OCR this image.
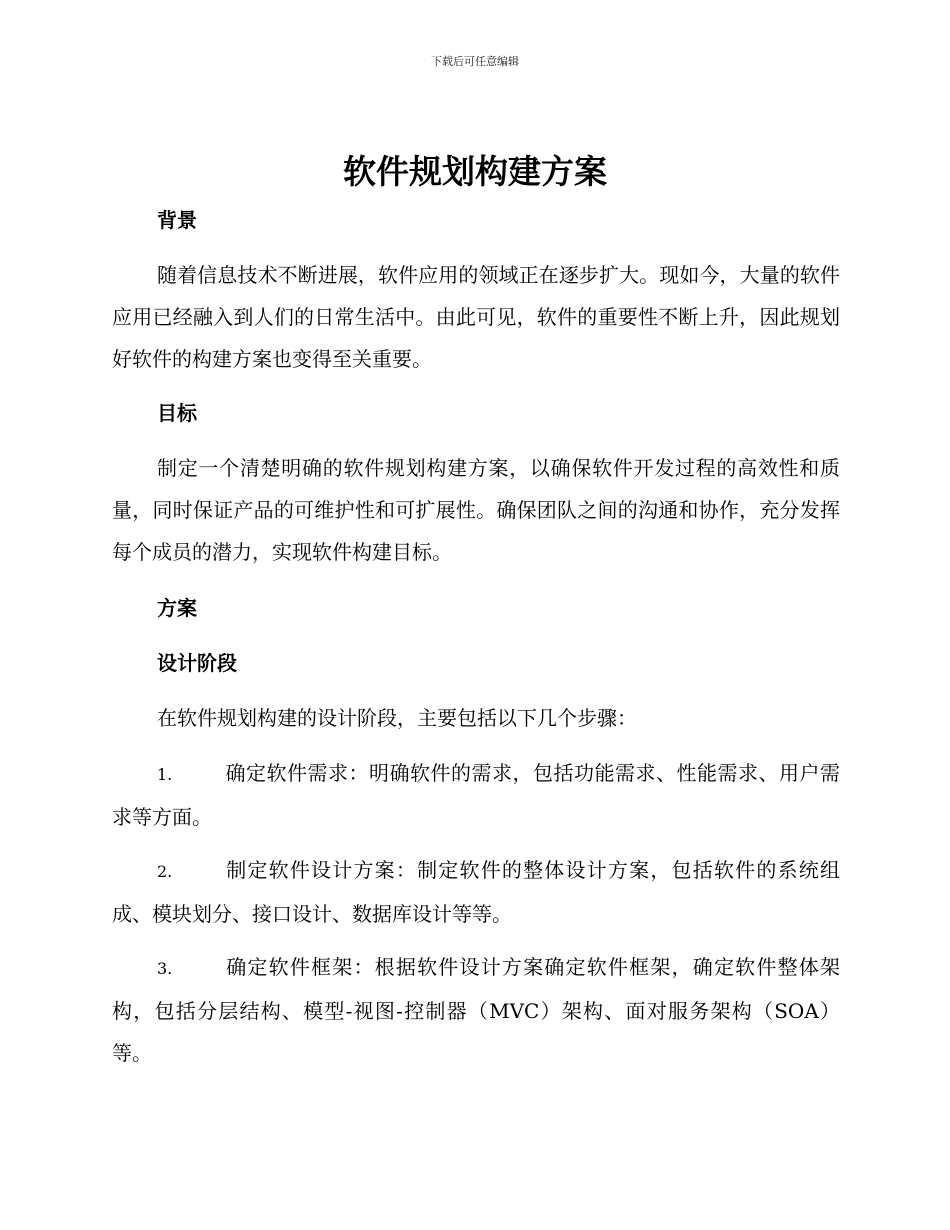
下载后可任意编辑
软件规划构建方案
背景

随着信息技术不断进展，软件应用的领域正在逐步扩大。现如今，大量的软件应用已经融入到人们的日常生活中。由此可见，软件的重要性不断上升，因此规划好软件的构建方案也变得至关重要。

目标

制定一个清楚明确的软件规划构建方案，以确保软件开发过程的高效性和质量，同时保证产品的可维护性和可扩展性。确保团队之间的沟通和协作，充分发挥每个成员的潜力，实现软件构建目标。

方案
设计阶段

在软件规划构建的设计阶段，主要包括以下几个步骤：

1.	确定软件需求：明确软件的需求，包括功能需求、性能需求、用户需求等方面。

2.	制定软件设计方案：制定软件的整体设计方案，包括软件的系统组成、模块划分、接口设计、数据库设计等等。

3.	确定软件框架：根据软件设计方案确定软件框架，确定软件整体架构，包括分层结构、模型-视图-控制器（MVC）架构、面对服务架构（SOA）等。
